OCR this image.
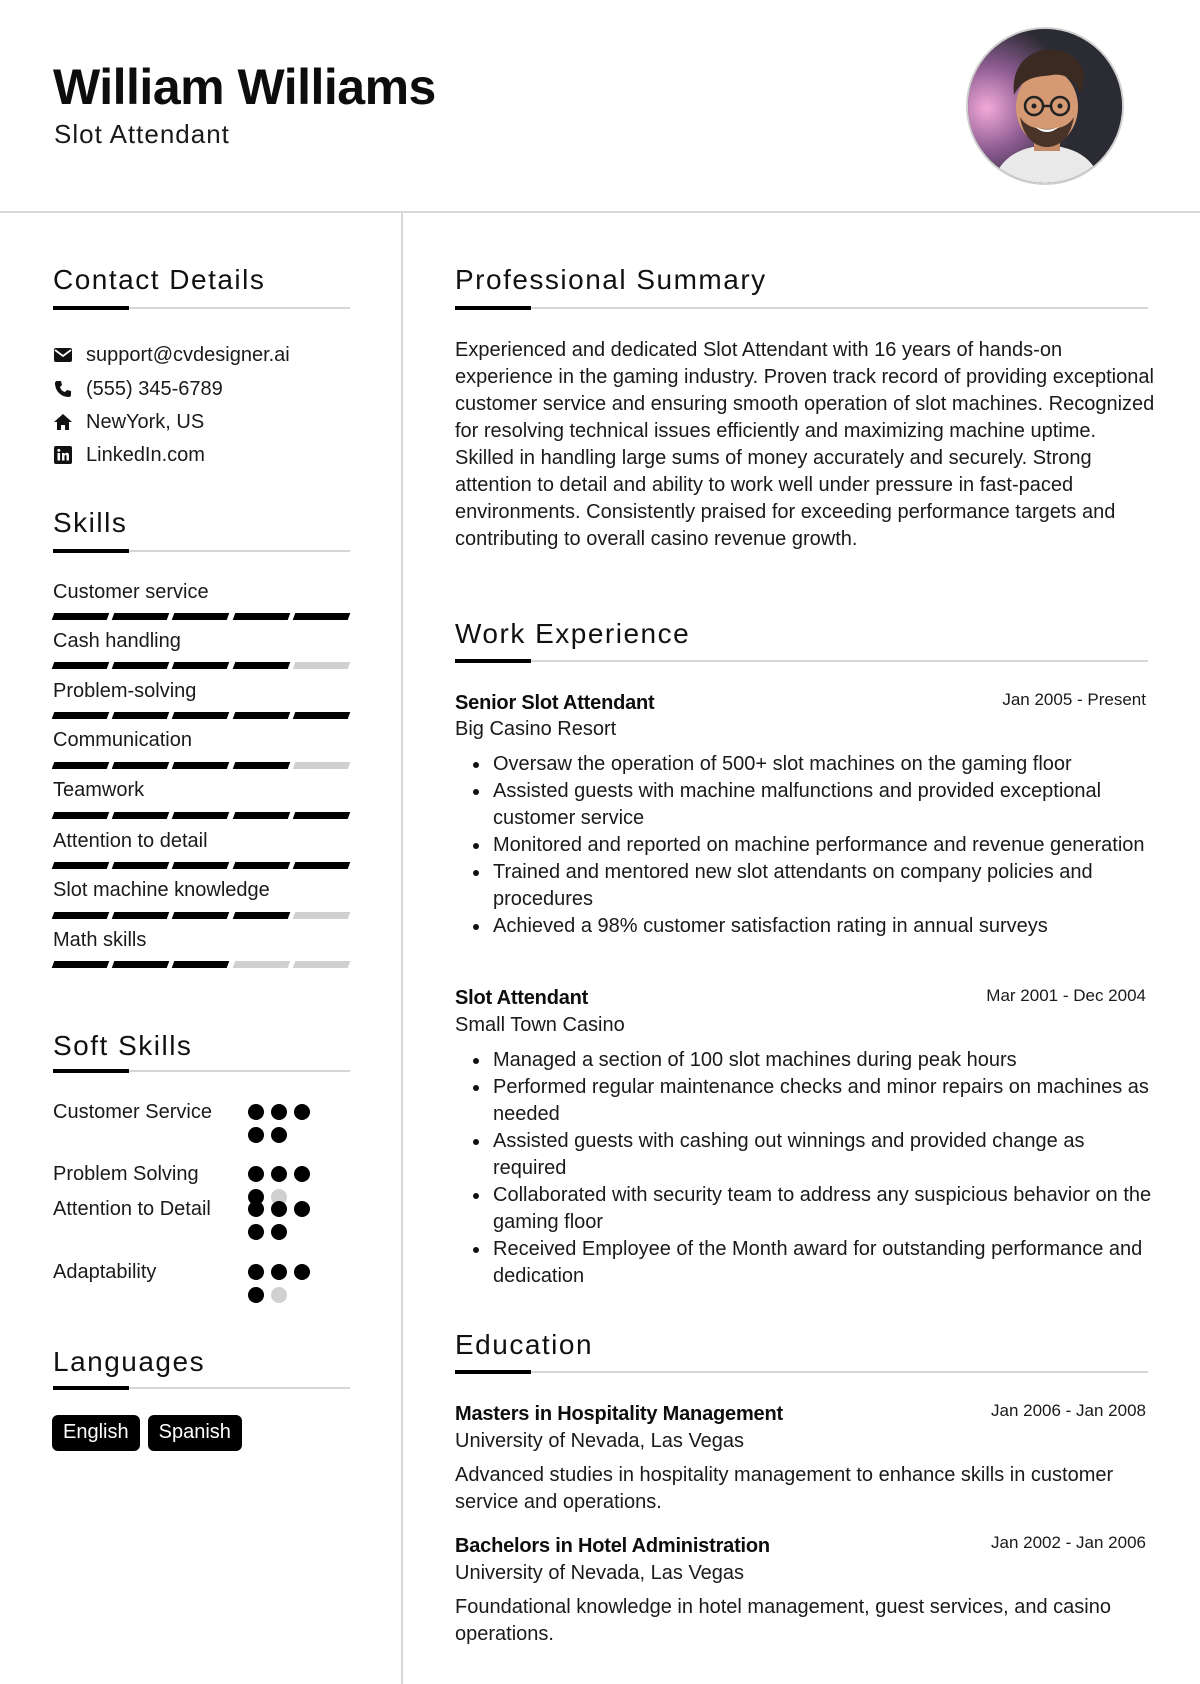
William Williams
Slot Attendant
Contact Details
support@cvdesigner.ai
(555) 345-6789
NewYork, US
LinkedIn.com
Skills
Customer service
Cash handling
Problem-solving
Communication
Teamwork
Attention to detail
Slot machine knowledge
Math skills
Soft Skills
Customer Service
Problem Solving
Attention to Detail
Adaptability
Languages
English	Spanish
Professional Summary
Experienced and dedicated Slot Attendant with 16 years of hands-on experience in the gaming industry. Proven track record of providing exceptional customer service and ensuring smooth operation of slot machines. Recognized for resolving technical issues efficiently and maximizing machine uptime. Skilled in handling large sums of money accurately and securely. Strong attention to detail and ability to work well under pressure in fast-paced environments. Consistently praised for exceeding performance targets and contributing to overall casino revenue growth.
Work Experience
Senior Slot Attendant	Jan 2005 - Present
Big Casino Resort
Oversaw the operation of 500+ slot machines on the gaming floor
Assisted guests with machine malfunctions and provided exceptional customer service
Monitored and reported on machine performance and revenue generation
Trained and mentored new slot attendants on company policies and procedures
Achieved a 98% customer satisfaction rating in annual surveys
Slot Attendant	Mar 2001 - Dec 2004
Small Town Casino
Managed a section of 100 slot machines during peak hours
Performed regular maintenance checks and minor repairs on machines as needed
Assisted guests with cashing out winnings and provided change as required
Collaborated with security team to address any suspicious behavior on the gaming floor
Received Employee of the Month award for outstanding performance and dedication
Education
Masters in Hospitality Management	Jan 2006 - Jan 2008
University of Nevada, Las Vegas
Advanced studies in hospitality management to enhance skills in customer service and operations.
Bachelors in Hotel Administration	Jan 2002 - Jan 2006
University of Nevada, Las Vegas
Foundational knowledge in hotel management, guest services, and casino operations.
